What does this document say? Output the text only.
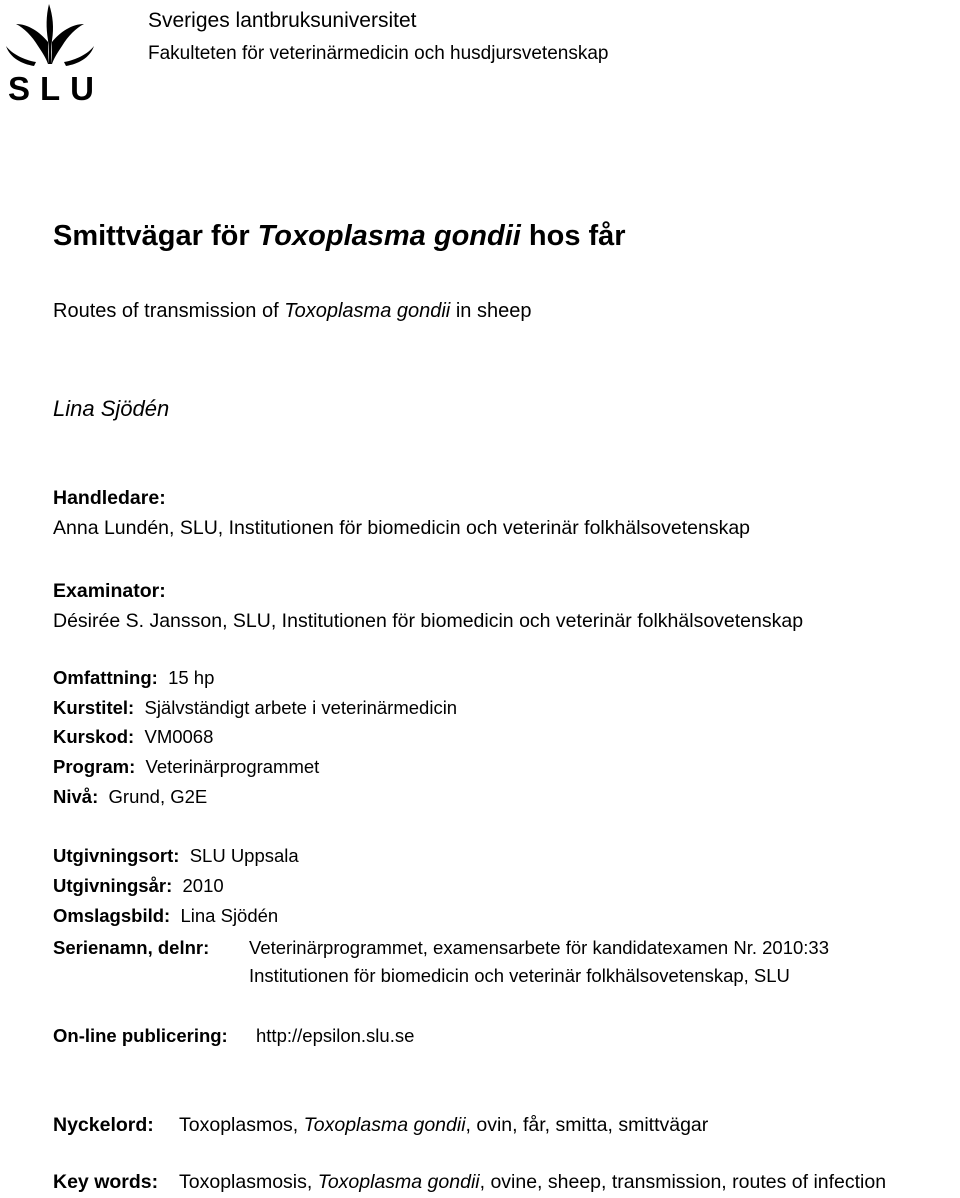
SLU
Sveriges lantbruksuniversitet
Fakulteten för veterinärmedicin och husdjursvetenskap
Smittvägar för Toxoplasma gondii hos får
Routes of transmission of Toxoplasma gondii in sheep
Lina Sjödén
Handledare:
Anna Lundén, SLU, Institutionen för biomedicin och veterinär folkhälsovetenskap
Examinator:
Désirée S. Jansson, SLU, Institutionen för biomedicin och veterinär folkhälsovetenskap
Omfattning: 15 hp
Kurstitel: Självständigt arbete i veterinärmedicin
Kurskod: VM0068
Program: Veterinärprogrammet
Nivå: Grund, G2E
Utgivningsort: SLU Uppsala
Utgivningsår: 2010
Omslagsbild: Lina Sjödén
Serienamn, delnr: Veterinärprogrammet, examensarbete för kandidatexamen Nr. 2010:33
Institutionen för biomedicin och veterinär folkhälsovetenskap, SLU
On-line publicering: http://epsilon.slu.se
Nyckelord: Toxoplasmos, Toxoplasma gondii, ovin, får, smitta, smittvägar
Key words: Toxoplasmosis, Toxoplasma gondii, ovine, sheep, transmission, routes of infection
